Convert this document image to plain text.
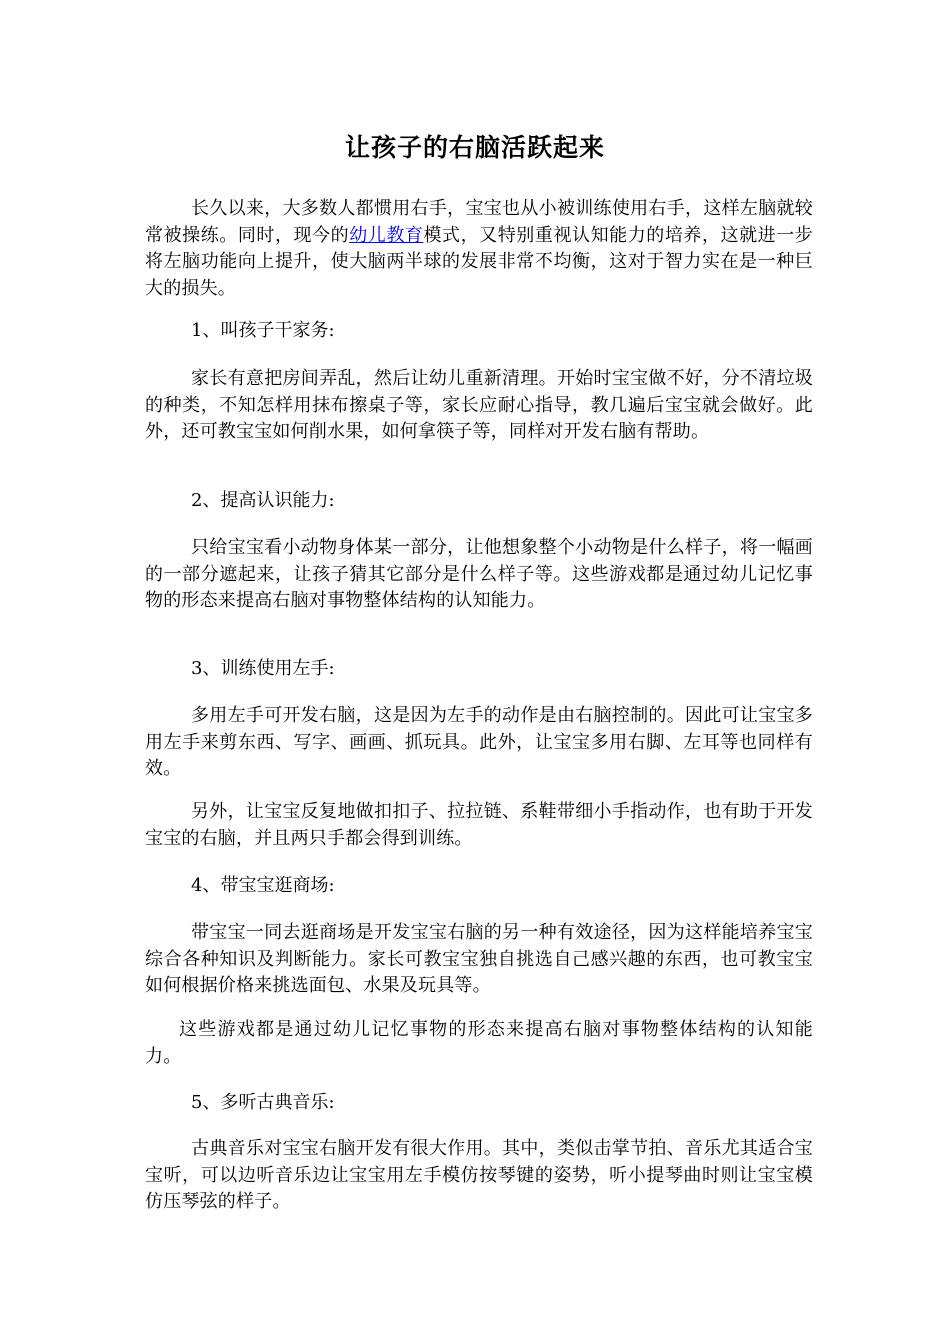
让孩子的右脑活跃起来

长久以来，大多数人都惯用右手，宝宝也从小被训练使用右手，这样左脑就较常被操练。同时，现今的幼儿教育模式，又特别重视认知能力的培养，这就进一步将左脑功能向上提升，使大脑两半球的发展非常不均衡，这对于智力实在是一种巨大的损失。

1、叫孩子干家务:

家长有意把房间弄乱，然后让幼儿重新清理。开始时宝宝做不好，分不清垃圾的种类，不知怎样用抹布擦桌子等，家长应耐心指导，教几遍后宝宝就会做好。此外，还可教宝宝如何削水果，如何拿筷子等，同样对开发右脑有帮助。

2、提高认识能力:

只给宝宝看小动物身体某一部分，让他想象整个小动物是什么样子，将一幅画的一部分遮起来，让孩子猜其它部分是什么样子等。这些游戏都是通过幼儿记忆事物的形态来提高右脑对事物整体结构的认知能力。

3、训练使用左手:

多用左手可开发右脑，这是因为左手的动作是由右脑控制的。因此可让宝宝多用左手来剪东西、写字、画画、抓玩具。此外，让宝宝多用右脚、左耳等也同样有效。

另外，让宝宝反复地做扣扣子、拉拉链、系鞋带细小手指动作，也有助于开发宝宝的右脑，并且两只手都会得到训练。

4、带宝宝逛商场:

带宝宝一同去逛商场是开发宝宝右脑的另一种有效途径，因为这样能培养宝宝综合各种知识及判断能力。家长可教宝宝独自挑选自己感兴趣的东西，也可教宝宝如何根据价格来挑选面包、水果及玩具等。

这些游戏都是通过幼儿记忆事物的形态来提高右脑对事物整体结构的认知能力。

5、多听古典音乐:

古典音乐对宝宝右脑开发有很大作用。其中，类似击掌节拍、音乐尤其适合宝宝听，可以边听音乐边让宝宝用左手模仿按琴键的姿势，听小提琴曲时则让宝宝模仿压琴弦的样子。
